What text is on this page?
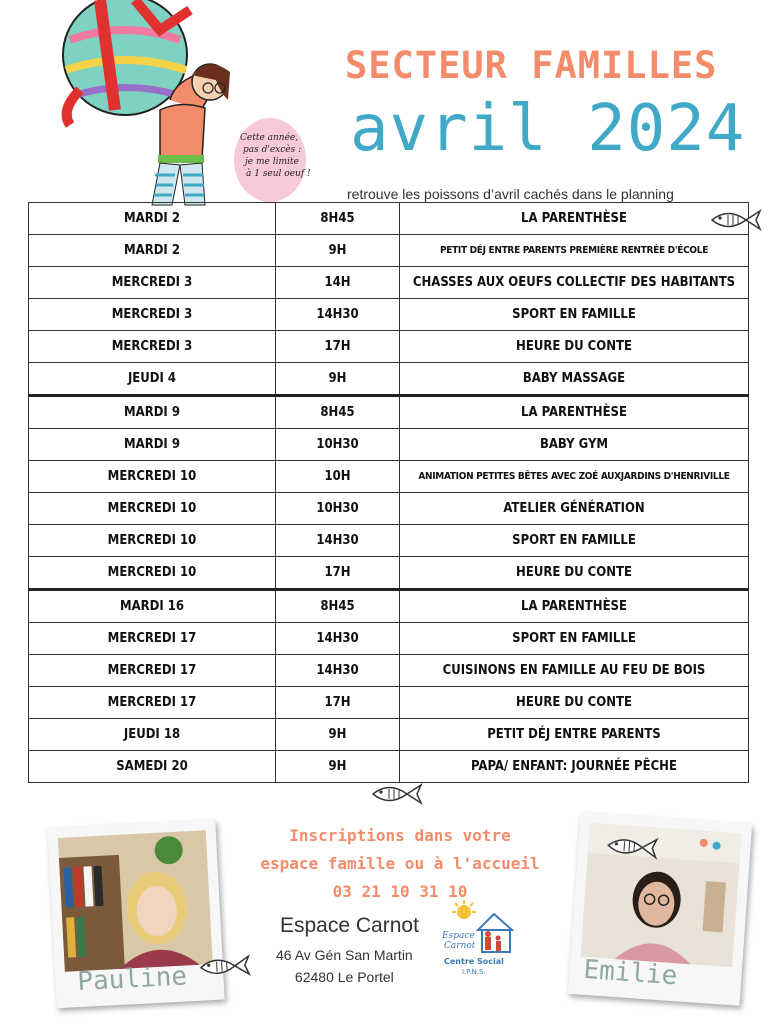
Cette année, pas d'excès : je me limite à 1 seul oeuf !
SECTEUR FAMILLES
avril 2024
retrouve les poissons d’avril cachés dans le planning
MARDI 2	8H45	LA PARENTHÈSE
MARDI 2	9H	PETIT DÉJ ENTRE PARENTS PREMIÈRE RENTRÉE D'ÉCOLE
MERCREDI 3	14H	CHASSES AUX OEUFS COLLECTIF DES HABITANTS
MERCREDI 3	14H30	SPORT EN FAMILLE
MERCREDI 3	17H	HEURE DU CONTE
JEUDI 4	9H	BABY MASSAGE
MARDI 9	8H45	LA PARENTHÈSE
MARDI 9	10H30	BABY GYM
MERCREDI 10	10H	ANIMATION PETITES BÊTES AVEC ZOÉ AUXJARDINS D'HENRIVILLE
MERCREDI 10	10H30	ATELIER GÉNÉRATION
MERCREDI 10	14H30	SPORT EN FAMILLE
MERCREDI 10	17H	HEURE DU CONTE
MARDI 16	8H45	LA PARENTHÈSE
MERCREDI 17	14H30	SPORT EN FAMILLE
MERCREDI 17	14H30	CUISINONS EN FAMILLE AU FEU DE BOIS
MERCREDI 17	17H	HEURE DU CONTE
JEUDI 18	9H	PETIT DÉJ ENTRE PARENTS
SAMEDI 20	9H	PAPA/ ENFANT: JOURNÉE PÊCHE
Pauline
Inscriptions dans votre
espace famille ou à l'accueil
03 21 10 31 10
Espace Carnot
46 Av Gén San Martin
62480 Le Portel
Espace
Carnot
Centre Social
I.P.N.S.	Emilie
